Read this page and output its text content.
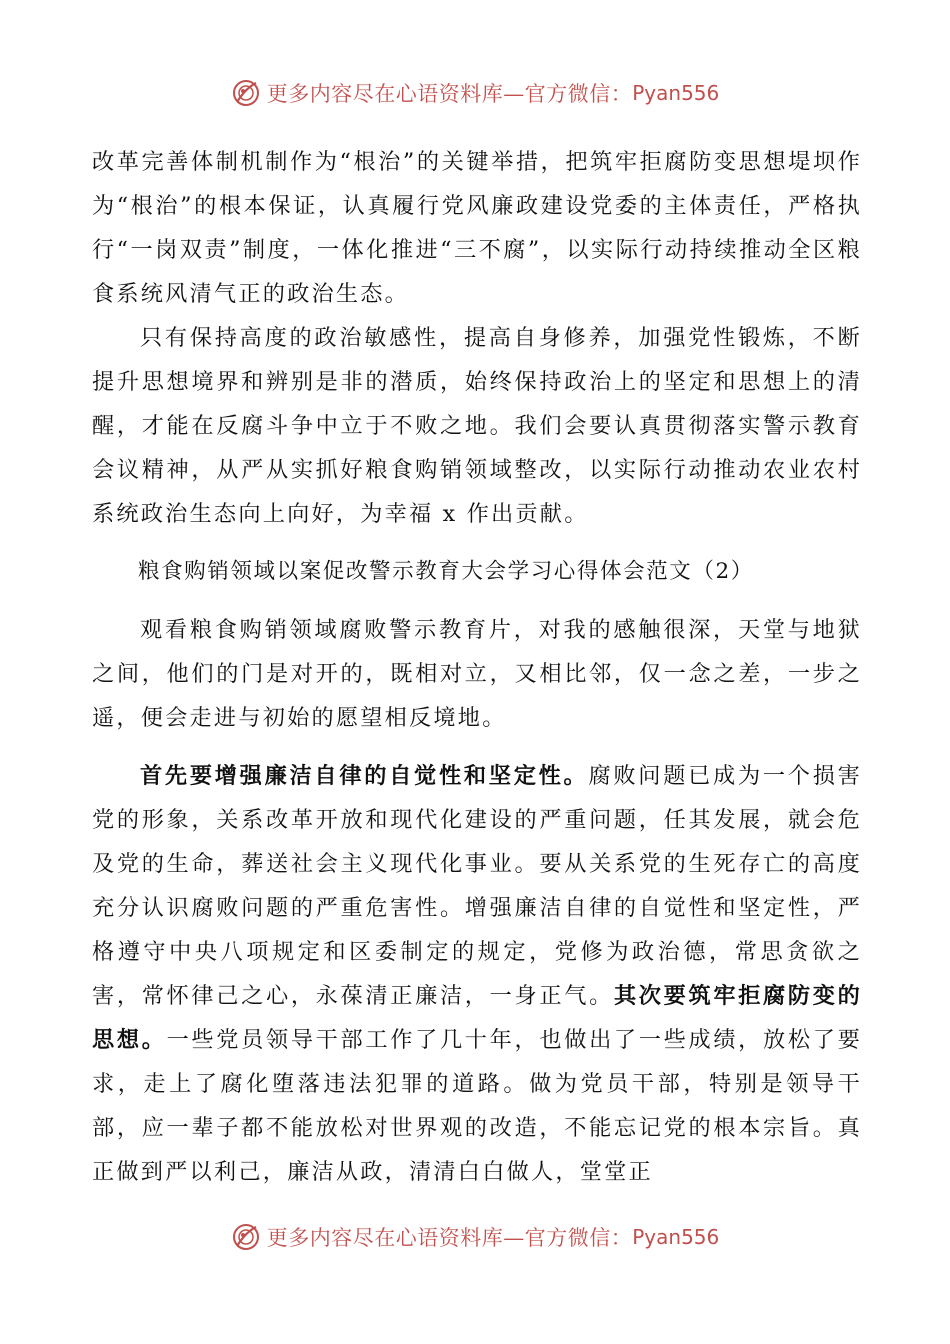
更多内容尽在心语资料库—官方微信： Pyan556

改革完善体制机制作为“根治”的关键举措，把筑牢拒腐防变思想堤坝作为“根治”的根本保证，认真履行党风廉政建设党委的主体责任，严格执行“一岗双责”制度，一体化推进“三不腐”，以实际行动持续推动全区粮食系统风清气正的政治生态。

只有保持高度的政治敏感性，提高自身修养，加强党性锻炼，不断提升思想境界和辨别是非的潜质，始终保持政治上的坚定和思想上的清醒，才能在反腐斗争中立于不败之地。我们会要认真贯彻落实警示教育会议精神，从严从实抓好粮食购销领域整改，以实际行动推动农业农村系统政治生态向上向好，为幸福 x 作出贡献。

粮食购销领域以案促改警示教育大会学习心得体会范文（2）

观看粮食购销领域腐败警示教育片，对我的感触很深，天堂与地狱之间，他们的门是对开的，既相对立，又相比邻，仅一念之差，一步之遥，便会走进与初始的愿望相反境地。

首先要增强廉洁自律的自觉性和坚定性。腐败问题已成为一个损害党的形象，关系改革开放和现代化建设的严重问题，任其发展，就会危及党的生命，葬送社会主义现代化事业。要从关系党的生死存亡的高度充分认识腐败问题的严重危害性。增强廉洁自律的自觉性和坚定性，严格遵守中央八项规定和区委制定的规定，党修为政治德，常思贪欲之害，常怀律己之心，永葆清正廉洁，一身正气。其次要筑牢拒腐防变的思想。一些党员领导干部工作了几十年，也做出了一些成绩，放松了要求，走上了腐化堕落违法犯罪的道路。做为党员干部，特别是领导干部，应一辈子都不能放松对世界观的改造，不能忘记党的根本宗旨。真正做到严以利己，廉洁从政，清清白白做人，堂堂正

更多内容尽在心语资料库—官方微信： Pyan556
